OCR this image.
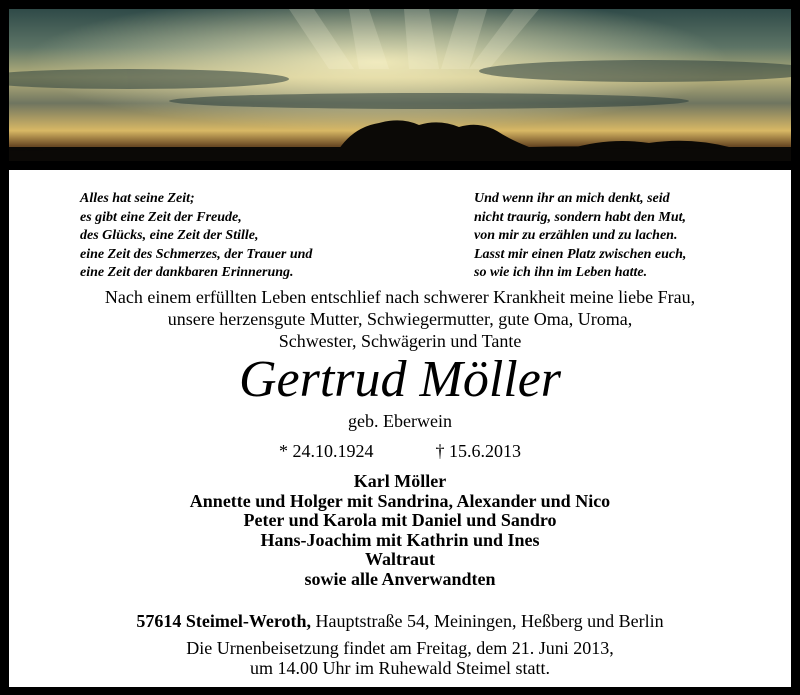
Alles hat seine Zeit;
es gibt eine Zeit der Freude,
des Glücks, eine Zeit der Stille,
eine Zeit des Schmerzes, der Trauer und
eine Zeit der dankbaren Erinnerung.
Und wenn ihr an mich denkt, seid
nicht traurig, sondern habt den Mut,
von mir zu erzählen und zu lachen.
Lasst mir einen Platz zwischen euch,
so wie ich ihn im Leben hatte.
Nach einem erfüllten Leben entschlief nach schwerer Krankheit meine liebe Frau,
unsere herzensgute Mutter, Schwiegermutter, gute Oma, Uroma,
Schwester, Schwägerin und Tante
Gertrud Möller
geb. Eberwein
* 24.10.1924	† 15.6.2013
Karl Möller
Annette und Holger mit Sandrina, Alexander und Nico
Peter und Karola mit Daniel und Sandro
Hans-Joachim mit Kathrin und Ines
Waltraut
sowie alle Anverwandten
57614 Steimel-Weroth, Hauptstraße 54, Meiningen, Heßberg und Berlin
Die Urnenbeisetzung findet am Freitag, dem 21. Juni 2013,
um 14.00 Uhr im Ruhewald Steimel statt.
